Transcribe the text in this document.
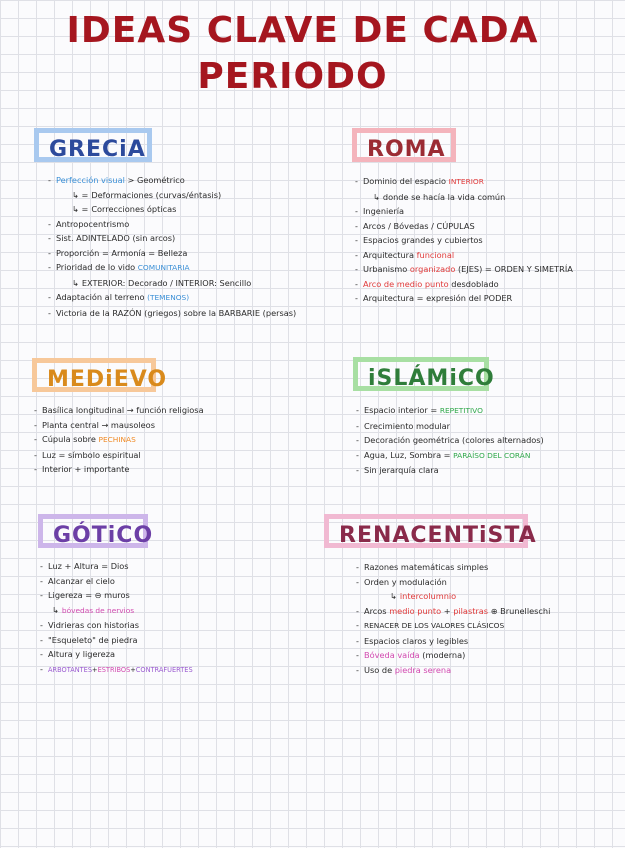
IDEAS CLAVE DE CADA
PERIODO
GRECiA
- Perfección visual > Geométrico
↳ = Deformaciones (curvas/éntasis)
↳ = Correcciones ópticas
- Antropocentrismo
- Sist. ADINTELADO (sin arcos)
- Proporción = Armonía = Belleza
- Prioridad de lo vido COMUNITARIA
↳ EXTERIOR: Decorado / INTERIOR: Sencillo
- Adaptación al terreno (TEMENOS)
- Victoria de la RAZÓN (griegos) sobre la BARBARIE (persas)
ROMA
- Dominio del espacio INTERIOR
↳ donde se hacía la vida común
- Ingeniería
- Arcos / Bóvedas / CÚPULAS
- Espacios grandes y cubiertos
- Arquitectura funcional
- Urbanismo organizado (EJES) = ORDEN Y SIMETRÍA
- Arco de medio punto desdoblado
- Arquitectura = expresión del PODER
MEDiEVO
- Basílica longitudinal → función religiosa
- Planta central → mausoleos
- Cúpula sobre PECHINAS
- Luz = símbolo espiritual
- Interior + importante
iSLÁMiCO
- Espacio interior = REPETITIVO
- Crecimiento modular
- Decoración geométrica (colores alternados)
- Agua, Luz, Sombra = PARAÍSO DEL CORÁN
- Sin jerarquía clara
GÓTiCO
- Luz + Altura = Dios
- Alcanzar el cielo
- Ligereza = ⊖ muros
↳ bóvedas de nervios
- Vidrieras con historias
- "Esqueleto" de piedra
- Altura y ligereza
- ARBOTANTES+ESTRIBOS+CONTRAFUERTES
RENACENTiSTA
- Razones matemáticas simples
- Orden y modulación
↳ intercolumnio
- Arcos medio punto + pilastras ⊕ Brunelleschi
- RENACER DE LOS VALORES CLÁSICOS
- Espacios claros y legibles
- Bóveda vaída (moderna)
- Uso de piedra serena
